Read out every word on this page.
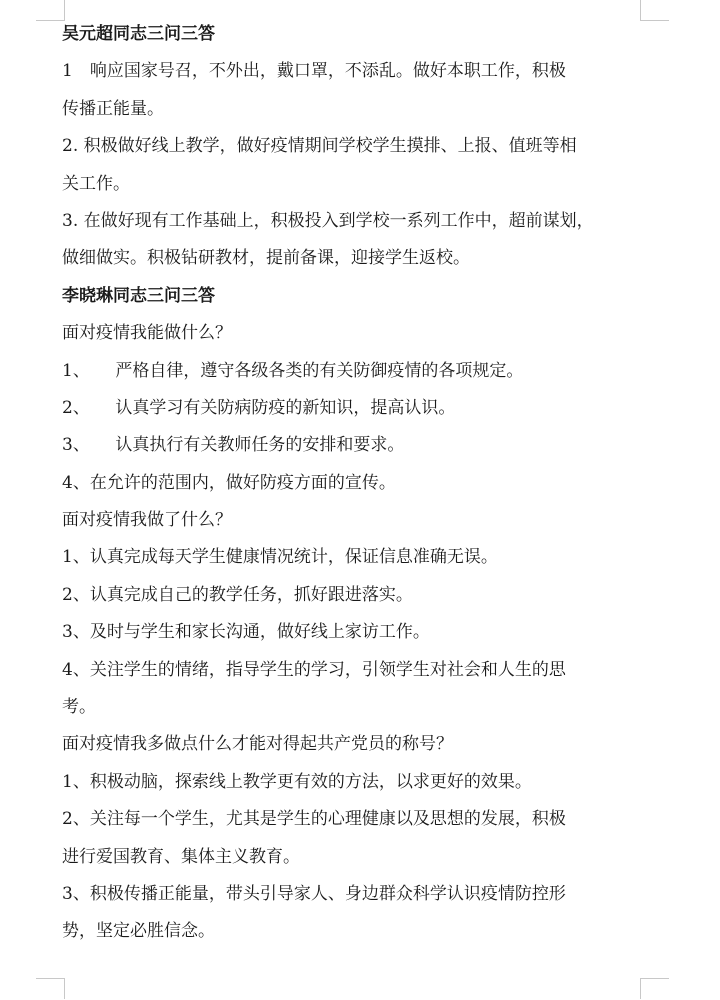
吴元超同志三问三答
1　响应国家号召，不外出，戴口罩，不添乱。做好本职工作，积极
传播正能量。
2. 积极做好线上教学，做好疫情期间学校学生摸排、上报、值班等相
关工作。
3. 在做好现有工作基础上，积极投入到学校一系列工作中，超前谋划，
做细做实。积极钻研教材，提前备课，迎接学生返校。
李晓琳同志三问三答
面对疫情我能做什么？
1、　　严格自律，遵守各级各类的有关防御疫情的各项规定。
2、　　认真学习有关防病防疫的新知识，提高认识。
3、　　认真执行有关教师任务的安排和要求。
4、在允许的范围内，做好防疫方面的宣传。
面对疫情我做了什么？
1、认真完成每天学生健康情况统计，保证信息准确无误。
2、认真完成自己的教学任务，抓好跟进落实。
3、及时与学生和家长沟通，做好线上家访工作。
4、关注学生的情绪，指导学生的学习，引领学生对社会和人生的思
考。
面对疫情我多做点什么才能对得起共产党员的称号？
1、积极动脑，探索线上教学更有效的方法，以求更好的效果。
2、关注每一个学生，尤其是学生的心理健康以及思想的发展，积极
进行爱国教育、集体主义教育。
3、积极传播正能量，带头引导家人、身边群众科学认识疫情防控形
势，坚定必胜信念。
